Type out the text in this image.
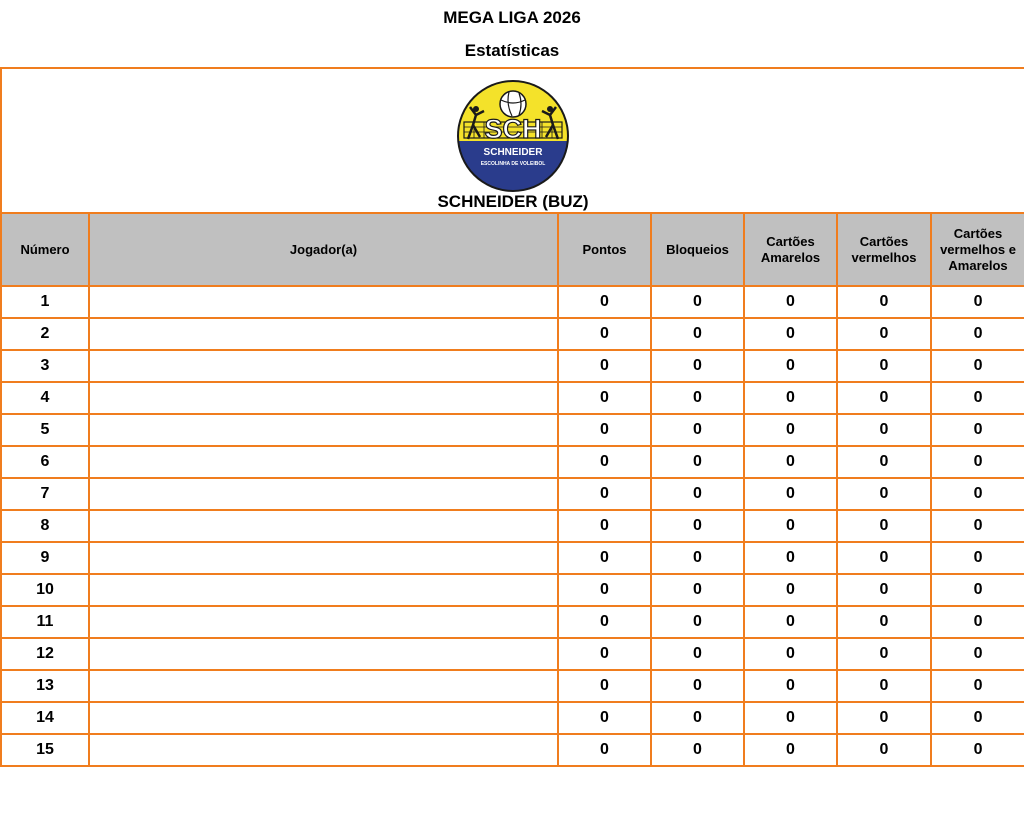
MEGA LIGA 2026
Estatísticas
SCH
SCHNEIDER
ESCOLINHA DE VOLEIBOL
SCHNEIDER (BUZ)						

Número	Jogador(a)	Pontos	Bloqueios	Cartões Amarelos	Cartões vermelhos	Cartões vermelhos e Amarelos
1		0	0	0	0	0
2		0	0	0	0	0
3		0	0	0	0	0
4		0	0	0	0	0
5		0	0	0	0	0
6		0	0	0	0	0
7		0	0	0	0	0
8		0	0	0	0	0
9		0	0	0	0	0
10		0	0	0	0	0
11		0	0	0	0	0
12		0	0	0	0	0
13		0	0	0	0	0
14		0	0	0	0	0
15		0	0	0	0	0
